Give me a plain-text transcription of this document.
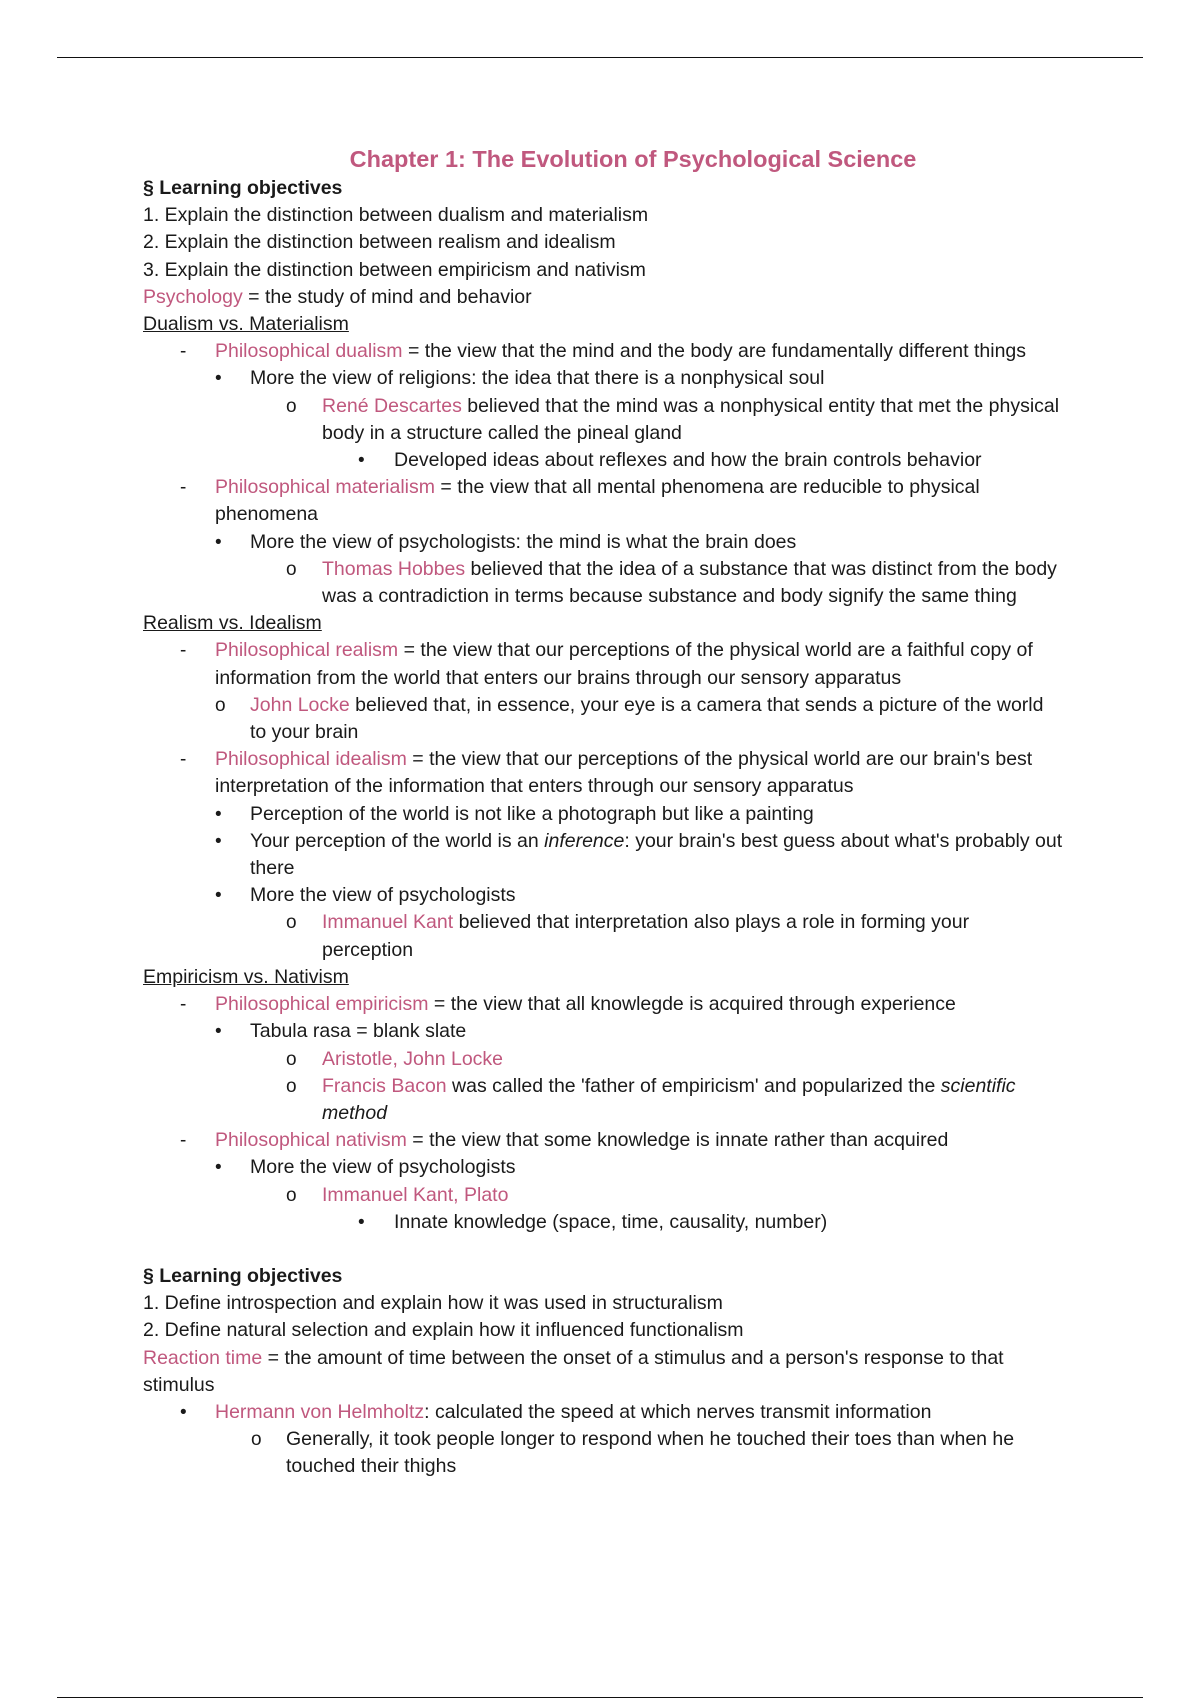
Chapter 1: The Evolution of Psychological Science

§ Learning objectives

1. Explain the distinction between dualism and materialism

2. Explain the distinction between realism and idealism

3. Explain the distinction between empiricism and nativism

Psychology = the study of mind and behavior

Dualism vs. Materialism

- Philosophical dualism = the view that the mind and the body are fundamentally different things

• More the view of religions: the idea that there is a nonphysical soul

o René Descartes believed that the mind was a nonphysical entity that met the physical body in a structure called the pineal gland

• Developed ideas about reflexes and how the brain controls behavior

- Philosophical materialism = the view that all mental phenomena are reducible to physical phenomena

• More the view of psychologists: the mind is what the brain does

o Thomas Hobbes believed that the idea of a substance that was distinct from the body was a contradiction in terms because substance and body signify the same thing

Realism vs. Idealism

- Philosophical realism = the view that our perceptions of the physical world are a faithful copy of information from the world that enters our brains through our sensory apparatus

o John Locke believed that, in essence, your eye is a camera that sends a picture of the world to your brain

- Philosophical idealism = the view that our perceptions of the physical world are our brain's best interpretation of the information that enters through our sensory apparatus

• Perception of the world is not like a photograph but like a painting

• Your perception of the world is an inference: your brain's best guess about what's probably out there

• More the view of psychologists

o Immanuel Kant believed that interpretation also plays a role in forming your perception

Empiricism vs. Nativism

- Philosophical empiricism = the view that all knowlegde is acquired through experience

• Tabula rasa = blank slate

o Aristotle, John Locke

o Francis Bacon was called the 'father of empiricism' and popularized the scientific method

- Philosophical nativism = the view that some knowledge is innate rather than acquired

• More the view of psychologists

o Immanuel Kant, Plato

• Innate knowledge (space, time, causality, number)

§ Learning objectives

1. Define introspection and explain how it was used in structuralism

2. Define natural selection and explain how it influenced functionalism

Reaction time = the amount of time between the onset of a stimulus and a person's response to that stimulus

• Hermann von Helmholtz: calculated the speed at which nerves transmit information

o Generally, it took people longer to respond when he touched their toes than when he touched their thighs
